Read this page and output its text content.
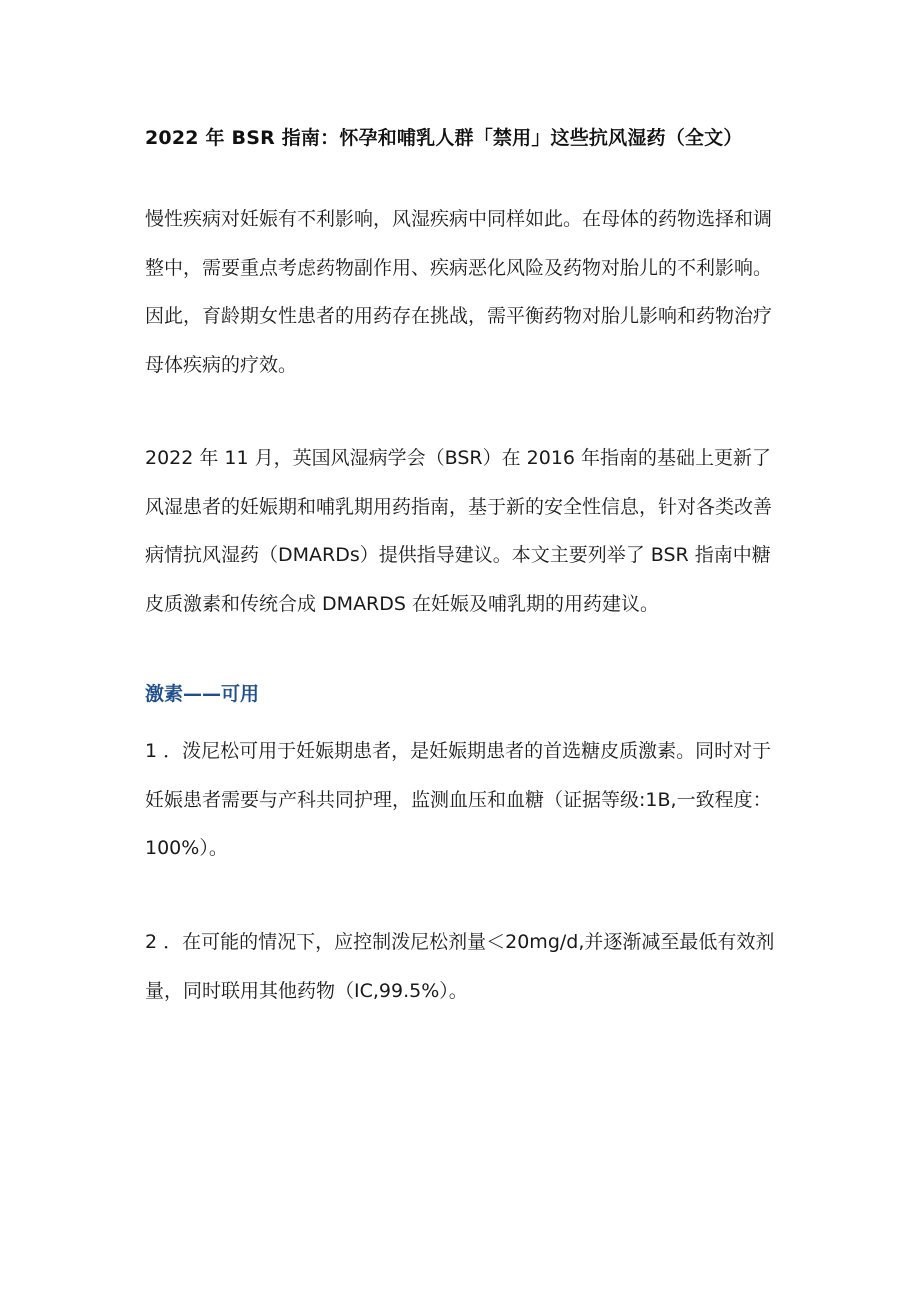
2022 年 BSR 指南：怀孕和哺乳人群「禁用」这些抗风湿药（全文）

慢性疾病对妊娠有不利影响，风湿疾病中同样如此。在母体的药物选择和调整中，需要重点考虑药物副作用、疾病恶化风险及药物对胎儿的不利影响。因此，育龄期女性患者的用药存在挑战，需平衡药物对胎儿影响和药物治疗母体疾病的疗效。

2022 年 11 月，英国风湿病学会（BSR）在 2016 年指南的基础上更新了风湿患者的妊娠期和哺乳期用药指南，基于新的安全性信息，针对各类改善病情抗风湿药（DMARDs）提供指导建议。本文主要列举了 BSR 指南中糖皮质激素和传统合成 DMARDS 在妊娠及哺乳期的用药建议。

激素——可用

1 ．泼尼松可用于妊娠期患者，是妊娠期患者的首选糖皮质激素。同时对于妊娠患者需要与产科共同护理，监测血压和血糖（证据等级:1B,一致程度：100%）。

2 ．在可能的情况下，应控制泼尼松剂量＜20mg/d,并逐渐减至最低有效剂量，同时联用其他药物（IC,99.5%）。
